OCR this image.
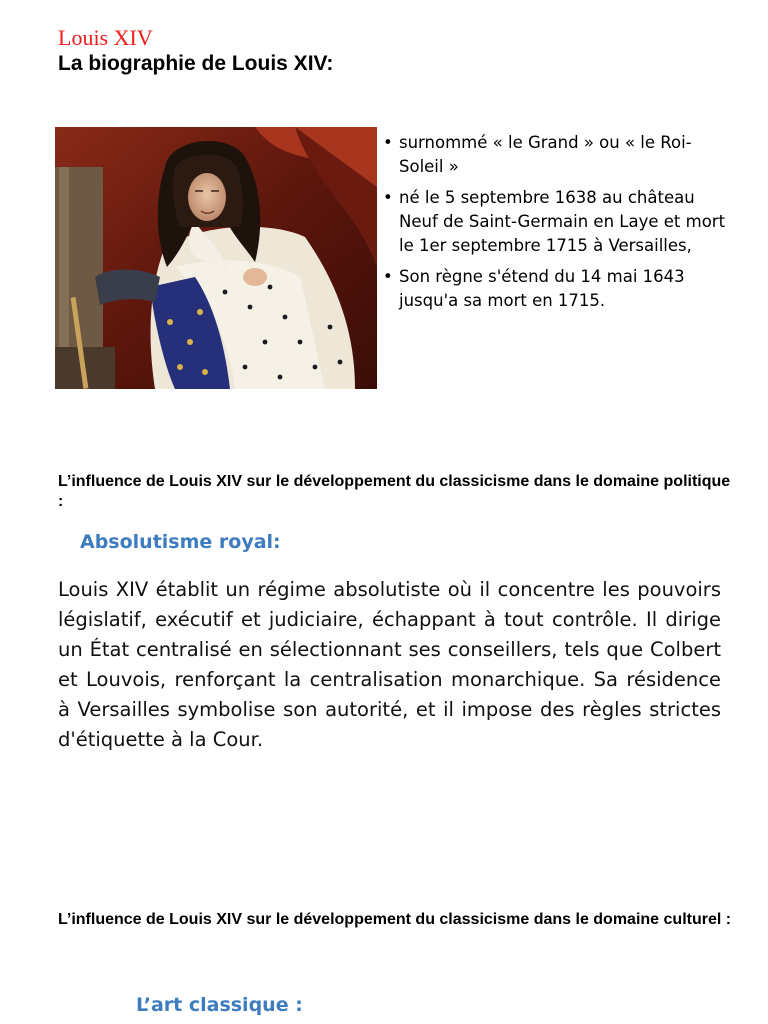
Louis XIV
La biographie de Louis XIV:
• surnommé « le Grand » ou « le Roi-Soleil »
• né le 5 septembre 1638 au château Neuf de Saint-Germain en Laye et mort le 1er septembre 1715 à Versailles,
• Son règne s'étend du 14 mai 1643 jusqu'a sa mort en 1715.
L’influence de Louis XIV sur le développement du classicisme dans le domaine politique :
Absolutisme royal:

Louis XIV établit un régime absolutiste où il concentre les pouvoirs législatif, exécutif et judiciaire, échappant à tout contrôle. Il dirige un État centralisé en sélectionnant ses conseillers, tels que Colbert et Louvois, renforçant la centralisation monarchique. Sa résidence à Versailles symbolise son autorité, et il impose des règles strictes d'étiquette à la Cour.

L’influence de Louis XIV sur le développement du classicisme dans le domaine culturel :
L’art classique :
